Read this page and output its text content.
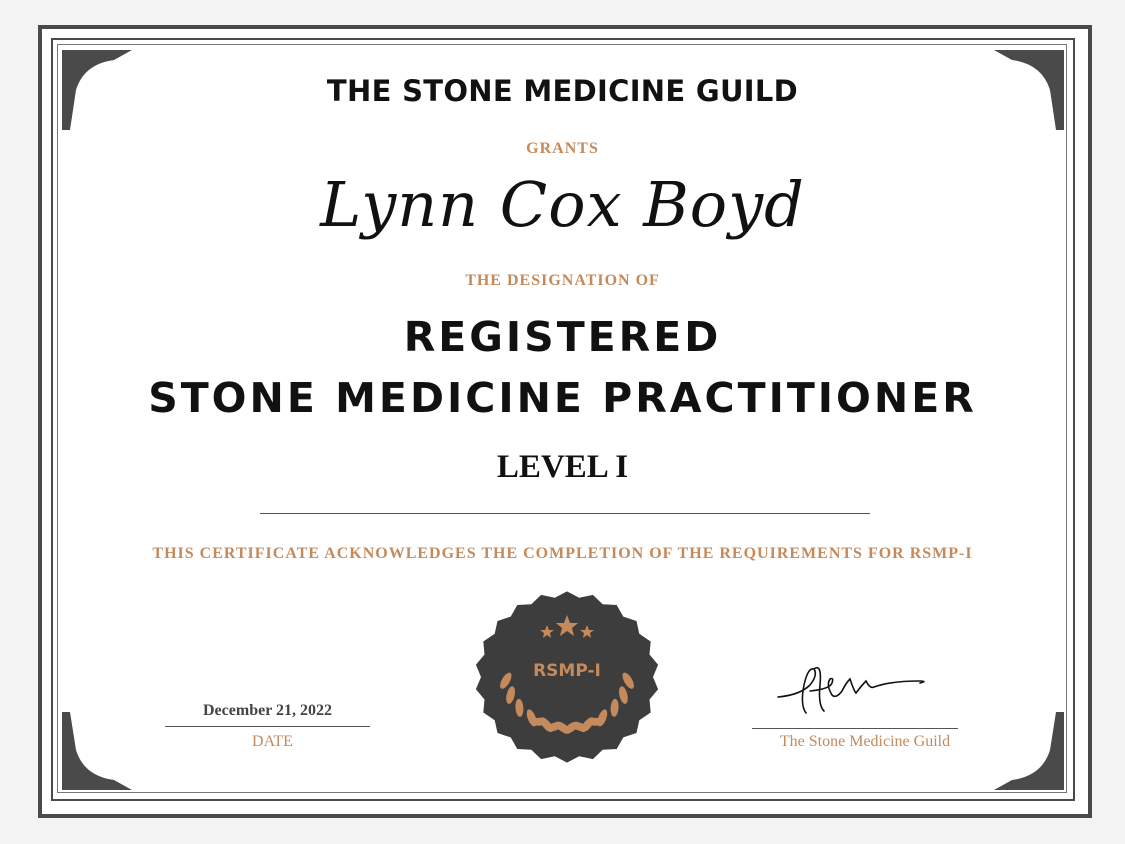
THE STONE MEDICINE GUILD

GRANTS

Lynn Cox Boyd

THE DESIGNATION OF

REGISTERED

STONE MEDICINE PRACTITIONER

LEVEL I

THIS CERTIFICATE ACKNOWLEDGES THE COMPLETION OF THE REQUIREMENTS FOR RSMP-I

RSMP-I
December 21, 2022
DATE	The Stone Medicine Guild
